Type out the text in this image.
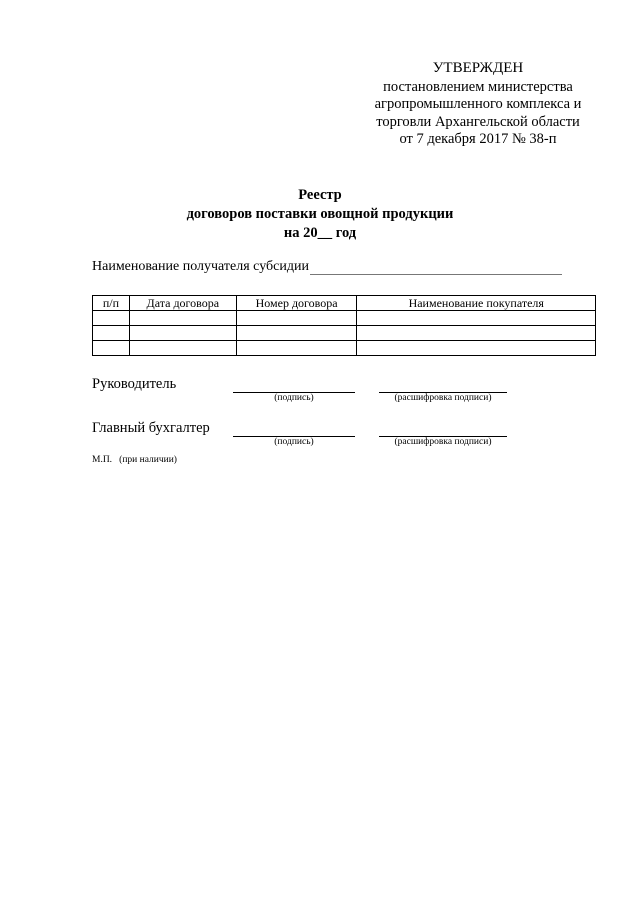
УТВЕРЖДЕН
постановлением министерства
агропромышленного комплекса и
торговли Архангельской области
от 7 декабря 2017 № 38-п
Реестр
договоров поставки овощной продукции
на 20__ год
Наименование получателя субсидии
п/п	Дата договора	Номер договора	Наименование покупателя

Руководитель
(подпись)	(расшифровка подписи)
Главный бухгалтер
(подпись)	(расшифровка подписи)
М.П.   (при наличии)
